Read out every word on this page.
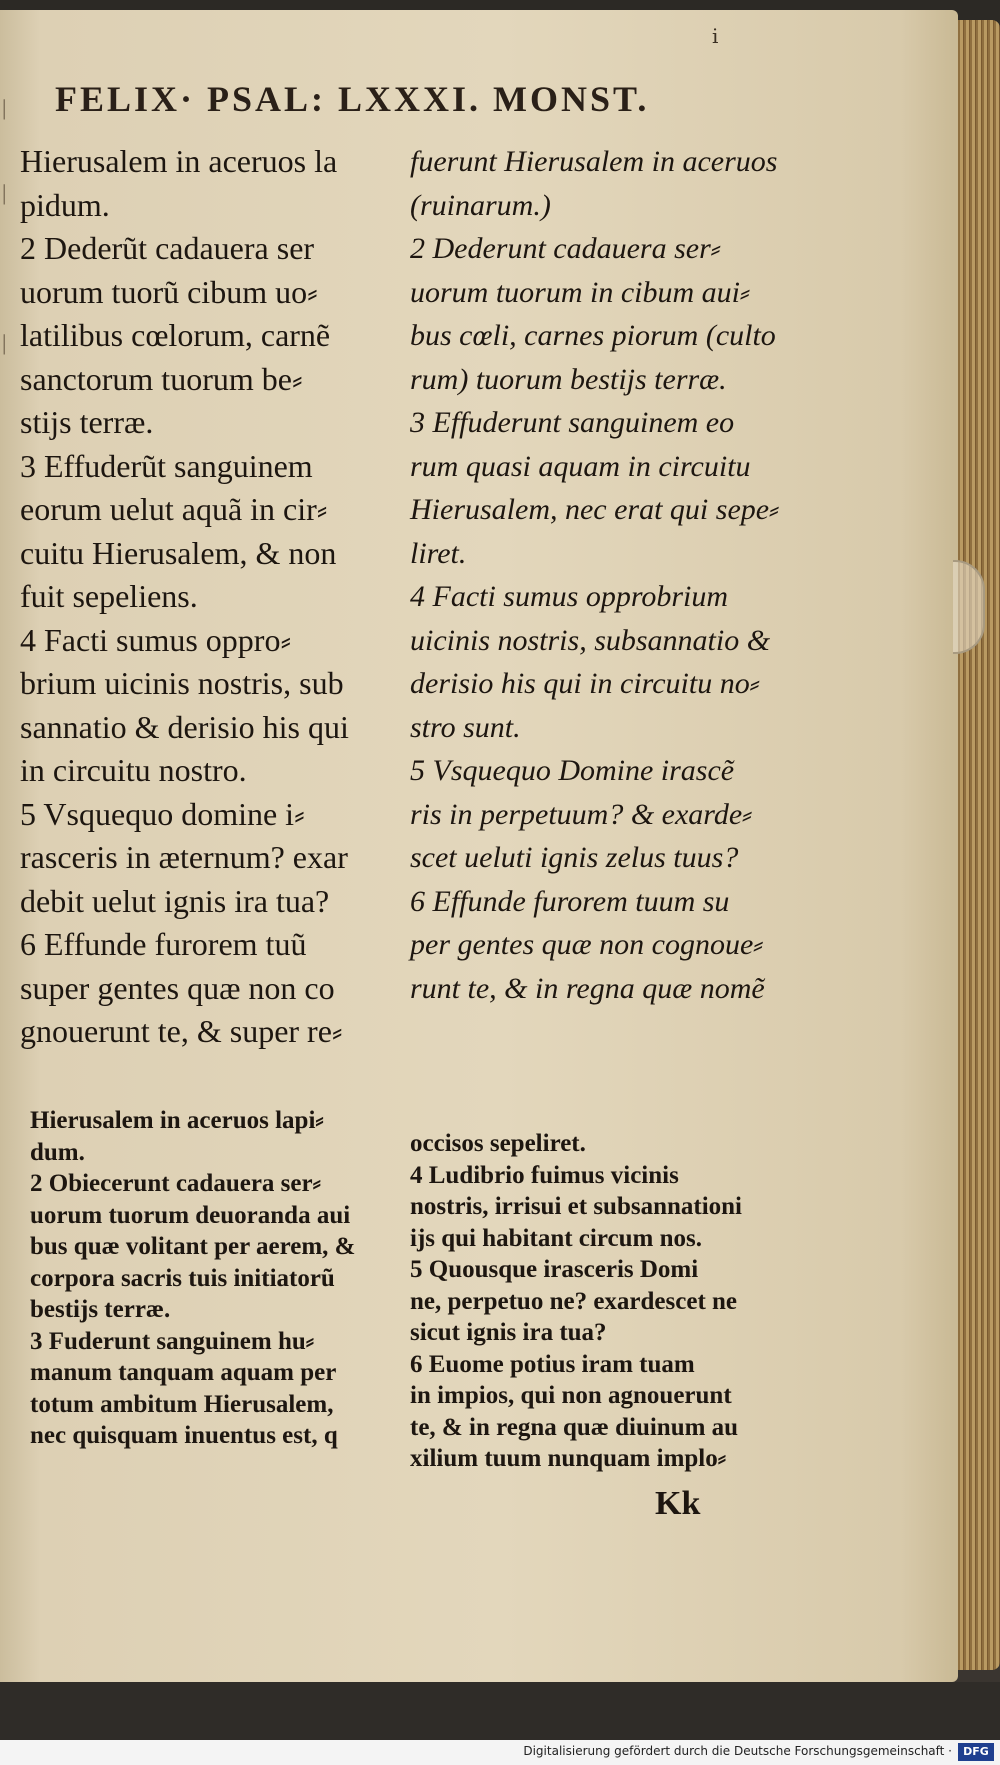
|
|
|
ⅰ
FELIX· PSAL: LXXXI. MONST.
Hierusalem in aceruos la
pidum.
2 Dederũt cadauera ser
uorum tuorũ cibum uo⸗
latilibus cœlorum, carnẽ
sanctorum tuorum be⸗
stijs terræ.
3 Effuderũt sanguinem
eorum uelut aquã in cir⸗
cuitu Hierusalem, & non
fuit sepeliens.
4 Facti sumus oppro⸗
brium uicinis nostris, sub
sannatio & derisio his qui
in circuitu nostro.
5 Vsquequo domine i⸗
rasceris in æternum? exar
debit uelut ignis ira tua?
6 Effunde furorem tuũ
super gentes quæ non co
gnouerunt te, & super re⸗
fuerunt Hierusalem in aceruos
(ruinarum.)
2 Dederunt cadauera ser⸗
uorum tuorum in cibum aui⸗
bus cœli, carnes piorum (culto
rum) tuorum bestijs terræ.
3 Effuderunt sanguinem eo
rum quasi aquam in circuitu
Hierusalem, nec erat qui sepe⸗
liret.
4 Facti sumus opprobrium
uicinis nostris, subsannatio &
derisio his qui in circuitu no⸗
stro sunt.
5 Vsquequo Domine irascẽ
ris in perpetuum? & exarde⸗
scet ueluti ignis zelus tuus?
6 Effunde furorem tuum su
per gentes quæ non cognoue⸗
runt te, & in regna quæ nomẽ
Hierusalem in aceruos lapi⸗
dum.
2 Obiecerunt cadauera ser⸗
uorum tuorum deuoranda aui
bus quæ volitant per aerem, &
corpora sacris tuis initiatorũ
bestijs terræ.
3 Fuderunt sanguinem hu⸗
manum tanquam aquam per
totum ambitum Hierusalem,
nec quisquam inuentus est, q
occisos sepeliret.
4 Ludibrio fuimus vicinis
nostris, irrisui et subsannationi
ijs qui habitant circum nos.
5 Quousque irasceris Domi
ne, perpetuo ne? exardescet ne
sicut ignis ira tua?
6 Euome potius iram tuam
in impios, qui non agnouerunt
te, & in regna quæ diuinum au
xilium tuum nunquam implo⸗
Kk
Digitalisierung gefördert durch die Deutsche Forschungsgemeinschaft ·	DFG
